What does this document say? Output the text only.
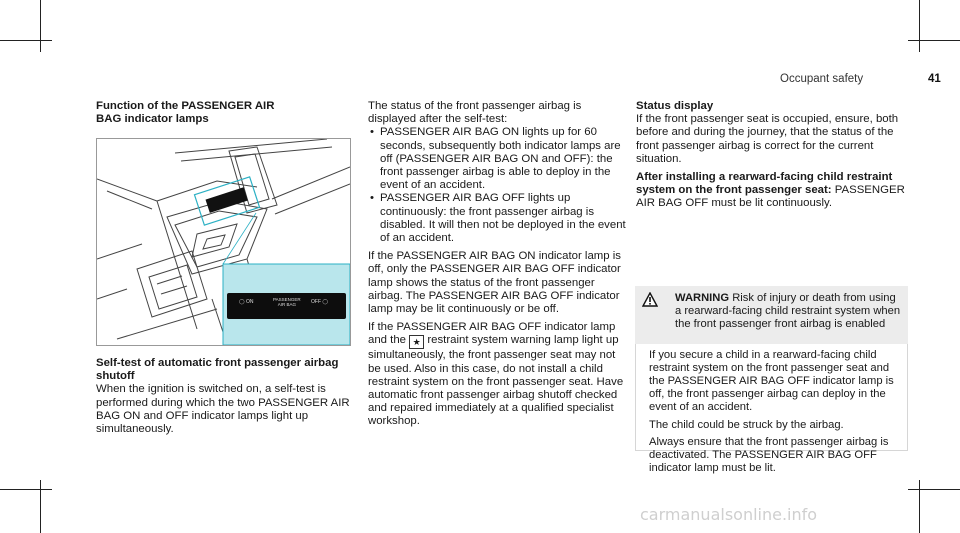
Occupant safety	41

Function of the PASSENGER AIR BAG indicator lamps

◯ ON	PASSENGER
AIR BAG	OFF ◯

Self-test of automatic front passenger airbag shutoff

When the ignition is switched on, a self-test is performed during which the two PASSENGER AIR BAG ON and OFF indicator lamps light up simultaneously.

The status of the front passenger airbag is displayed after the self-test:

• PASSENGER AIR BAG ON lights up for 60 seconds, subsequently both indicator lamps are off (PASSENGER AIR BAG ON and OFF): the front passenger airbag is able to deploy in the event of an accident.
• PASSENGER AIR BAG OFF lights up continuously: the front passenger airbag is disabled. It will then not be deployed in the event of an accident.

If the PASSENGER AIR BAG ON indicator lamp is off, only the PASSENGER AIR BAG OFF indicator lamp shows the status of the front passenger airbag. The PASSENGER AIR BAG OFF indicator lamp may be lit continuously or be off.

If the PASSENGER AIR BAG OFF indicator lamp and the ★ restraint system warning lamp light up simultaneously, the front passenger seat may not be used. Also in this case, do not install a child restraint system on the front passenger seat. Have automatic front passenger airbag shutoff checked and repaired immediately at a qualified specialist workshop.

Status display

If the front passenger seat is occupied, ensure, both before and during the journey, that the status of the front passenger airbag is correct for the current situation.

After installing a rearward-facing child restraint system on the front passenger seat: PASSENGER AIR BAG OFF must be lit continuously.

WARNING Risk of injury or death from using a rearward-facing child restraint system when the front passenger front airbag is enabled

If you secure a child in a rearward-facing child restraint system on the front passenger seat and the PASSENGER AIR BAG OFF indicator lamp is off, the front passenger airbag can deploy in the event of an accident.

The child could be struck by the airbag.

Always ensure that the front passenger airbag is deactivated. The PASSENGER AIR BAG OFF indicator lamp must be lit.

carmanualsonline.info
